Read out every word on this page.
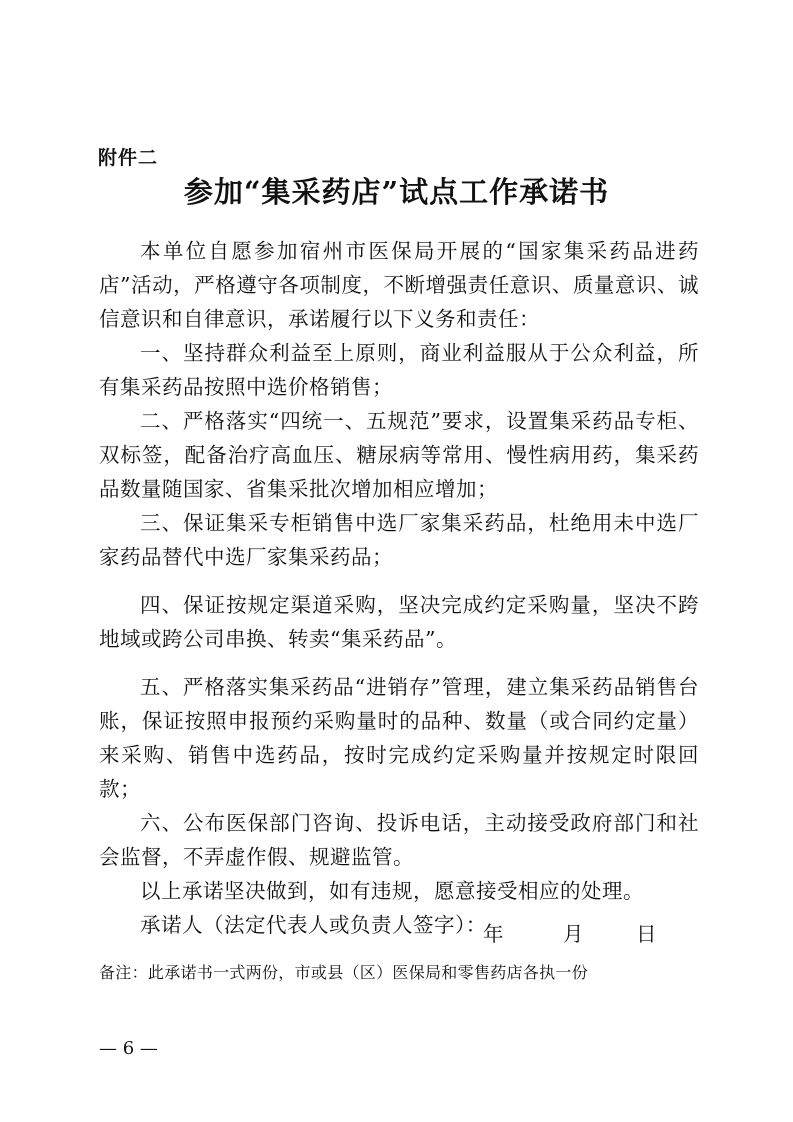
附件二
参加“集采药店”试点工作承诺书

本单位自愿参加宿州市医保局开展的“国家集采药品进药店”活动，严格遵守各项制度，不断增强责任意识、质量意识、诚信意识和自律意识，承诺履行以下义务和责任：

一、坚持群众利益至上原则，商业利益服从于公众利益，所有集采药品按照中选价格销售；

二、严格落实“四统一、五规范”要求，设置集采药品专柜、双标签，配备治疗高血压、糖尿病等常用、慢性病用药，集采药品数量随国家、省集采批次增加相应增加；

三、保证集采专柜销售中选厂家集采药品，杜绝用未中选厂家药品替代中选厂家集采药品；

四、保证按规定渠道采购，坚决完成约定采购量，坚决不跨地域或跨公司串换、转卖“集采药品”。

五、严格落实集采药品“进销存”管理，建立集采药品销售台账，保证按照申报预约采购量时的品种、数量（或合同约定量）来采购、销售中选药品，按时完成约定采购量并按规定时限回款；

六、公布医保部门咨询、投诉电话，主动接受政府部门和社会监督，不弄虚作假、规避监管。

以上承诺坚决做到，如有违规，愿意接受相应的处理。

承诺人（法定代表人或负责人签字）：

年	月	日
备注：此承诺书一式两份，市或县（区）医保局和零售药店各执一份
— 6 —
